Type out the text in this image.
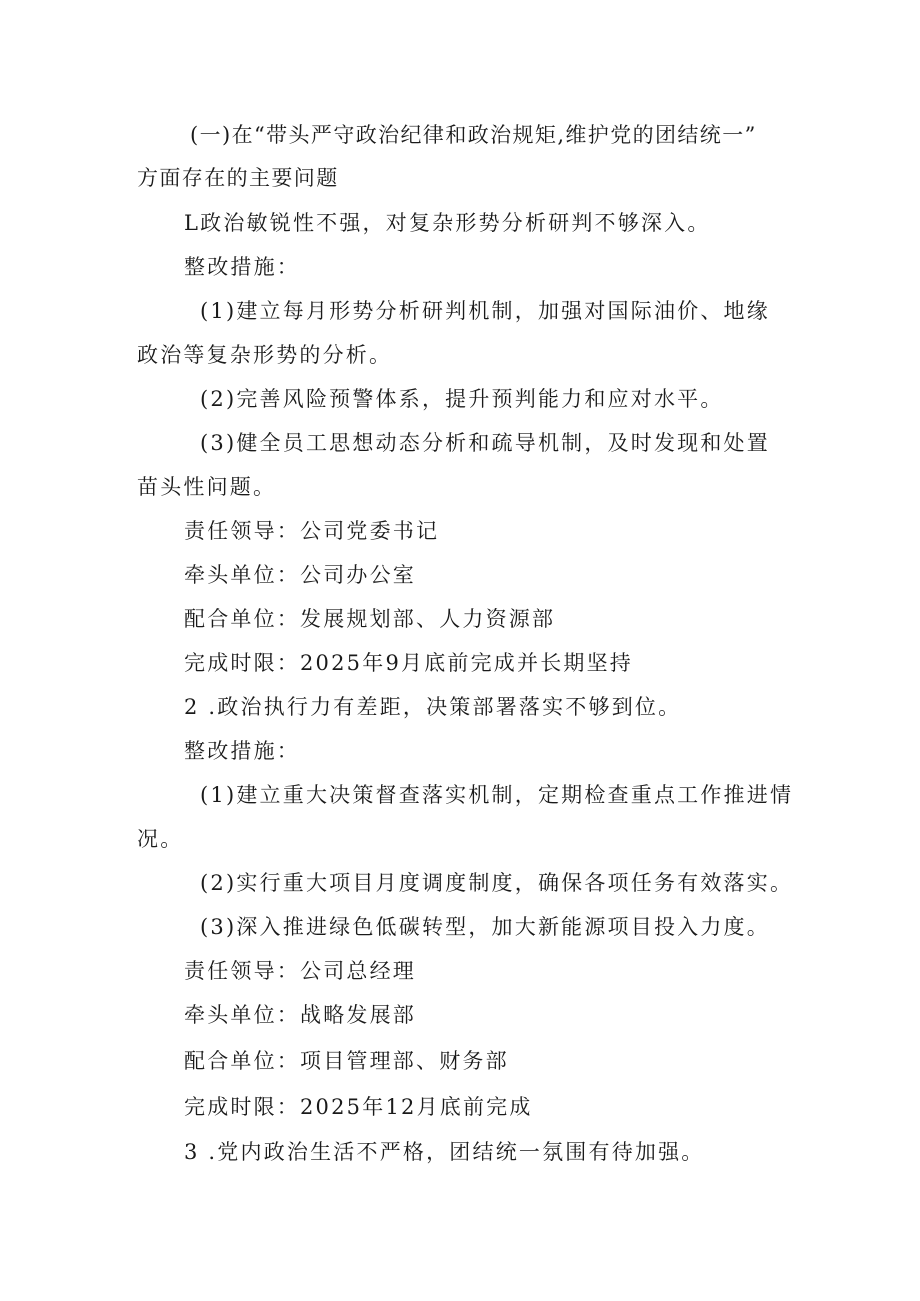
(一)在“带头严守政治纪律和政治规矩,维护党的团结统一”
方面存在的主要问题
L政治敏锐性不强，对复杂形势分析研判不够深入。
整改措施：
(1)建立每月形势分析研判机制，加强对国际油价、地缘
政治等复杂形势的分析。
(2)完善风险预警体系，提升预判能力和应对水平。
(3)健全员工思想动态分析和疏导机制，及时发现和处置
苗头性问题。
责任领导：公司党委书记
牵头单位：公司办公室
配合单位：发展规划部、人力资源部
完成时限：2025年9月底前完成并长期坚持
2 .政治执行力有差距，决策部署落实不够到位。
整改措施：
(1)建立重大决策督查落实机制，定期检查重点工作推进情
况。
(2)实行重大项目月度调度制度，确保各项任务有效落实。
(3)深入推进绿色低碳转型，加大新能源项目投入力度。
责任领导：公司总经理
牵头单位：战略发展部
配合单位：项目管理部、财务部
完成时限：2025年12月底前完成
3 .党内政治生活不严格，团结统一氛围有待加强。
